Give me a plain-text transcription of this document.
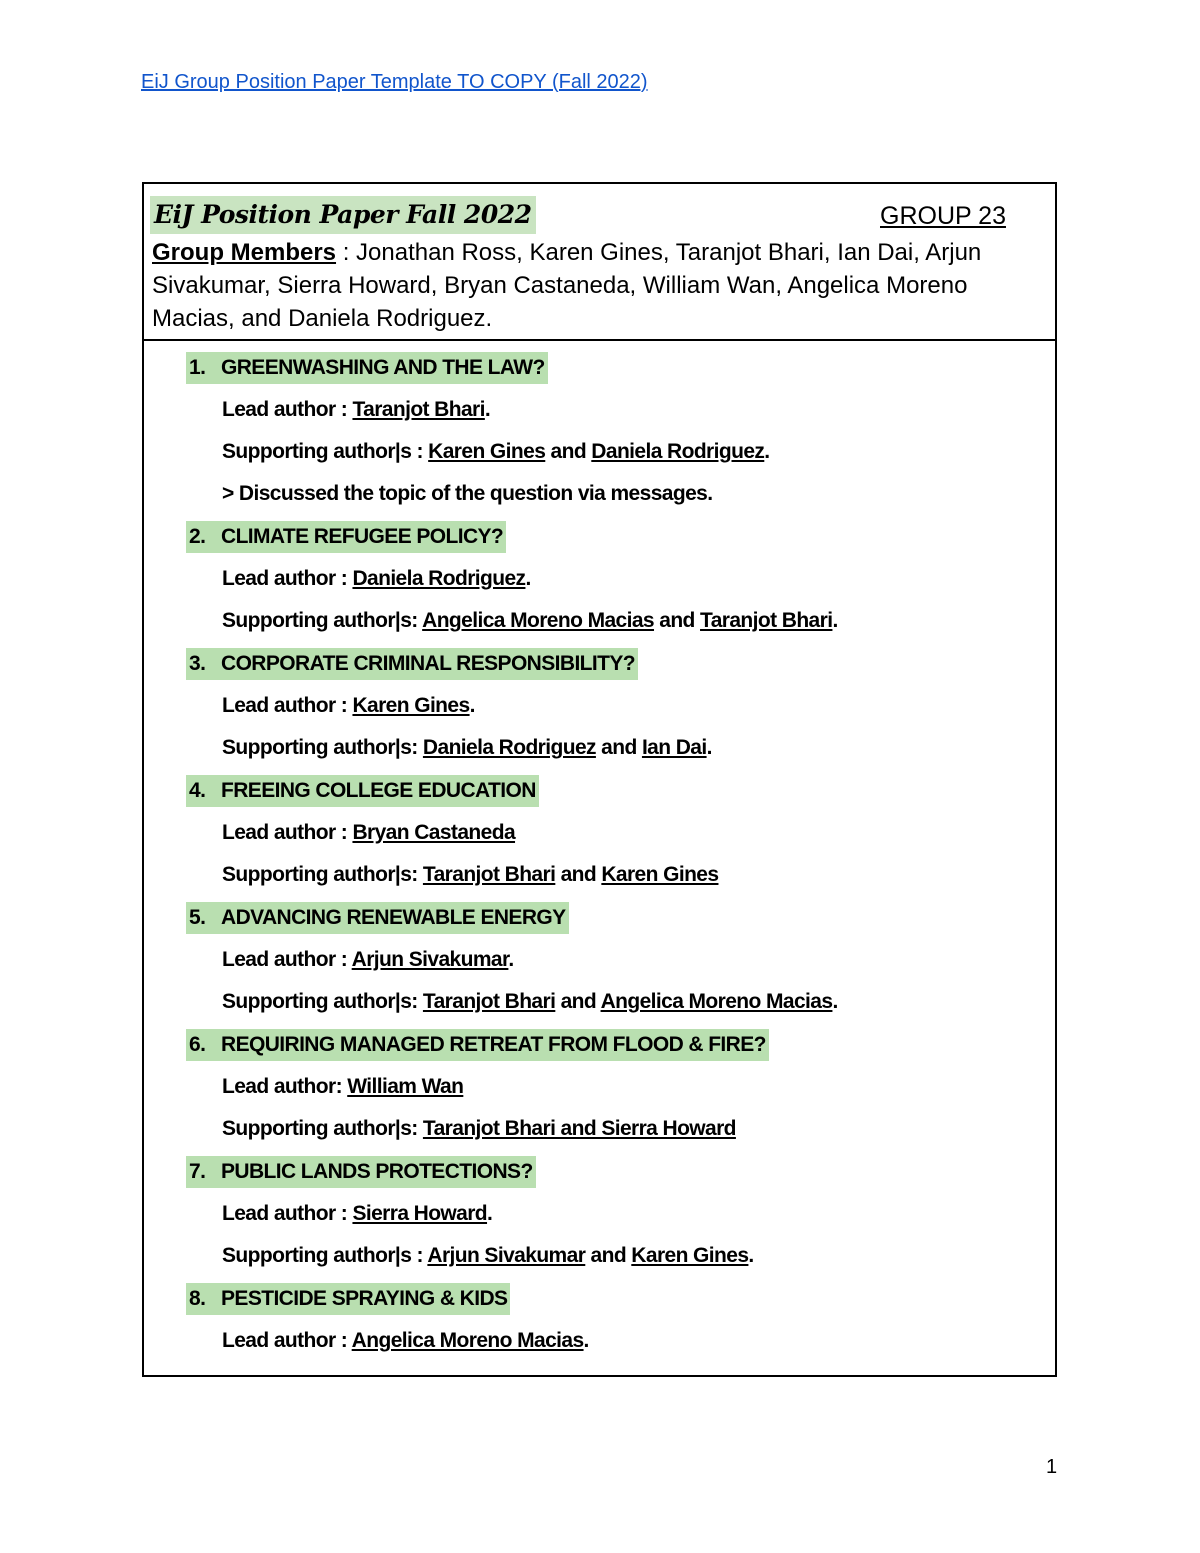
EiJ Group Position Paper Template TO COPY (Fall 2022)
EiJ Position Paper Fall 2022	GROUP 23
Group Members : Jonathan Ross, Karen Gines, Taranjot Bhari, Ian Dai, Arjun Sivakumar, Sierra Howard, Bryan Castaneda, William Wan, Angelica Moreno Macias, and Daniela Rodriguez.
1. GREENWASHING AND THE LAW?
Lead author : Taranjot Bhari.
Supporting author|s : Karen Gines and Daniela Rodriguez.
> Discussed the topic of the question via messages.
2. CLIMATE REFUGEE POLICY?
Lead author : Daniela Rodriguez.
Supporting author|s: Angelica Moreno Macias and Taranjot Bhari.
3. CORPORATE CRIMINAL RESPONSIBILITY?
Lead author : Karen Gines.
Supporting author|s: Daniela Rodriguez and Ian Dai.
4. FREEING COLLEGE EDUCATION
Lead author : Bryan Castaneda
Supporting author|s: Taranjot Bhari and Karen Gines
5. ADVANCING RENEWABLE ENERGY
Lead author : Arjun Sivakumar.
Supporting author|s: Taranjot Bhari and Angelica Moreno Macias.
6. REQUIRING MANAGED RETREAT FROM FLOOD & FIRE?
Lead author: William Wan
Supporting author|s: Taranjot Bhari and Sierra Howard
7. PUBLIC LANDS PROTECTIONS?
Lead author : Sierra Howard.
Supporting author|s : Arjun Sivakumar and Karen Gines.
8. PESTICIDE SPRAYING & KIDS
Lead author : Angelica Moreno Macias.
1
